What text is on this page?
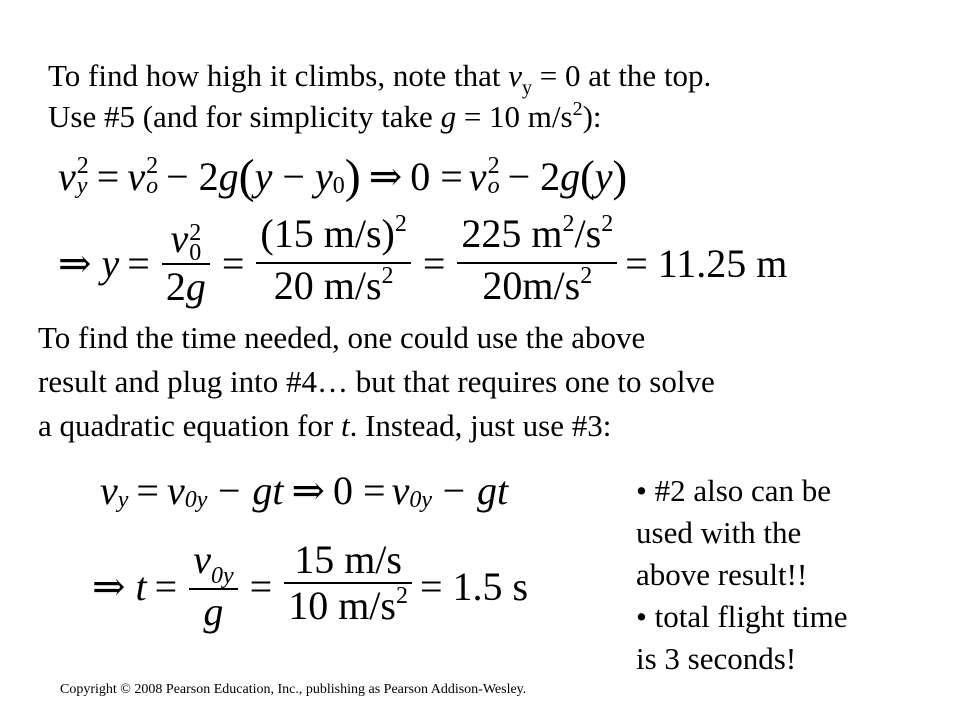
To find how high it climbs, note that $v_y = 0$ at the top.
Use #5 (and for simplicity take g = 10 $m/s^2$):
v 2
y = v 2
o − 2 g ( y − y 0 ) ⇒ 0 = v 2
o − 2 g ( y )
⇒ y = v 2
0
$2g = \frac{(15 m/s)^2}{20 m/s^2} = \frac{225 m^2/s^2}{20m/s^2} = 11.25$ m
To find the time needed, one could use the above
result and plug into #4… but that requires one to solve
a quadratic equation for t. Instead, just use #3:
v y = v 0y − gt ⇒ 0 = v 0y − gt
⇒ $t = \frac{v_{0y}}{g} = \frac{15 m/s}{10 m/s^2} = 1.5$ s
• #2 also can be
used with the
above result!!
• total flight time
is 3 seconds!
Copyright © 2008 Pearson Education, Inc., publishing as Pearson Addison-Wesley.
